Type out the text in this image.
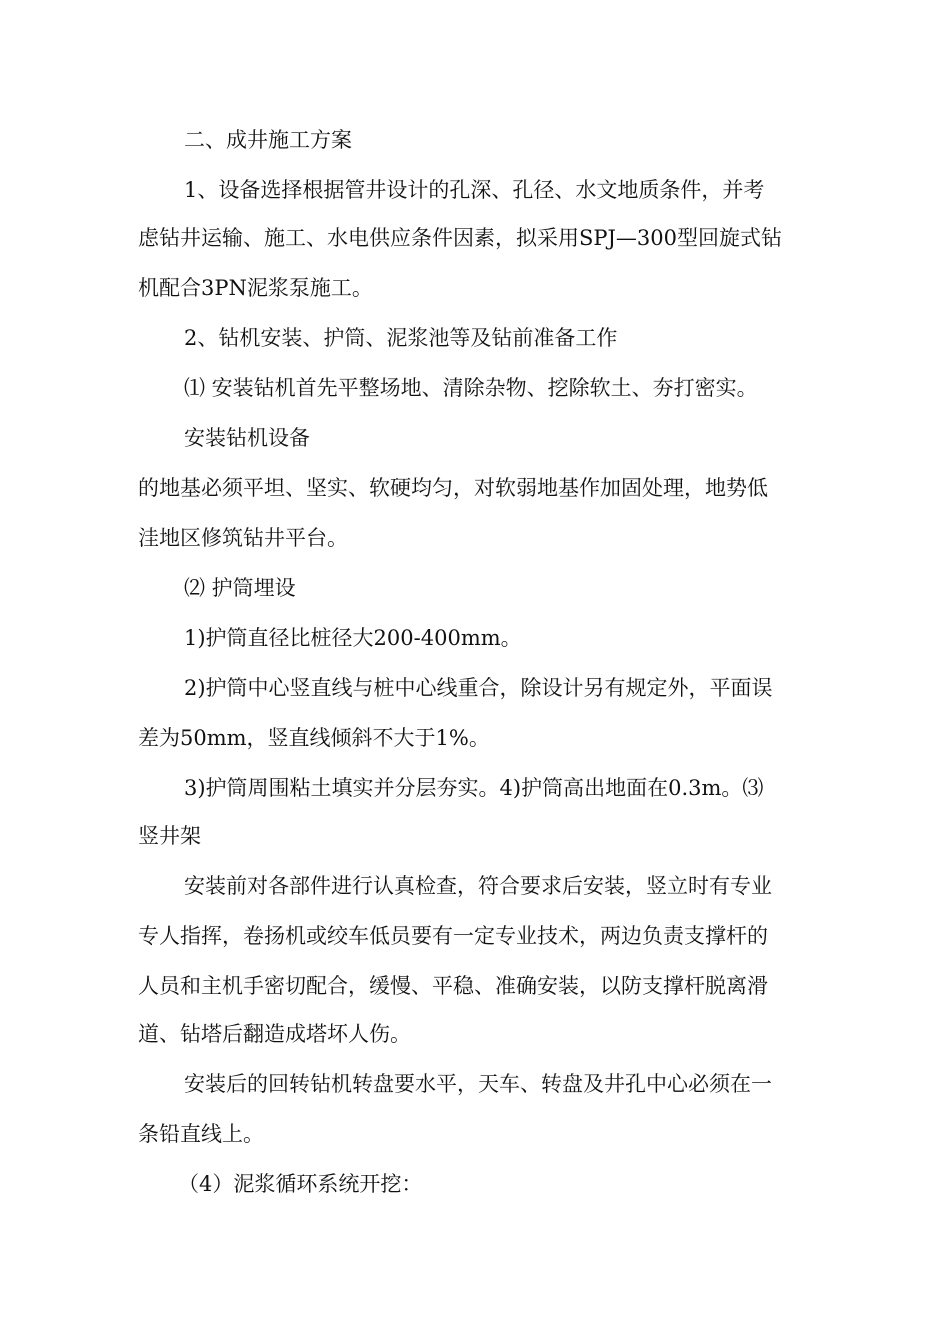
二、成井施工方案
1、设备选择根据管井设计的孔深、孔径、水文地质条件，并考
虑钻井运输、施工、水电供应条件因素，拟采用SPJ—300型回旋式钻
机配合3PN泥浆泵施工。
2、钻机安装、护筒、泥浆池等及钻前准备工作
⑴ 安装钻机首先平整场地、清除杂物、挖除软土、夯打密实。
安装钻机设备
的地基必须平坦、坚实、软硬均匀，对软弱地基作加固处理，地势低
洼地区修筑钻井平台。
⑵ 护筒埋设
1)护筒直径比桩径大200-400mm。
2)护筒中心竖直线与桩中心线重合，除设计另有规定外，平面误
差为50mm，竖直线倾斜不大于1%。
3)护筒周围粘土填实并分层夯实。4)护筒高出地面在0.3m。⑶
竖井架
安装前对各部件进行认真检查，符合要求后安装，竖立时有专业
专人指挥，卷扬机或绞车低员要有一定专业技术，两边负责支撑杆的
人员和主机手密切配合，缓慢、平稳、准确安装，以防支撑杆脱离滑
道、钻塔后翻造成塔坏人伤。
安装后的回转钻机转盘要水平，天车、转盘及井孔中心必须在一
条铅直线上。
（4）泥浆循环系统开挖：
